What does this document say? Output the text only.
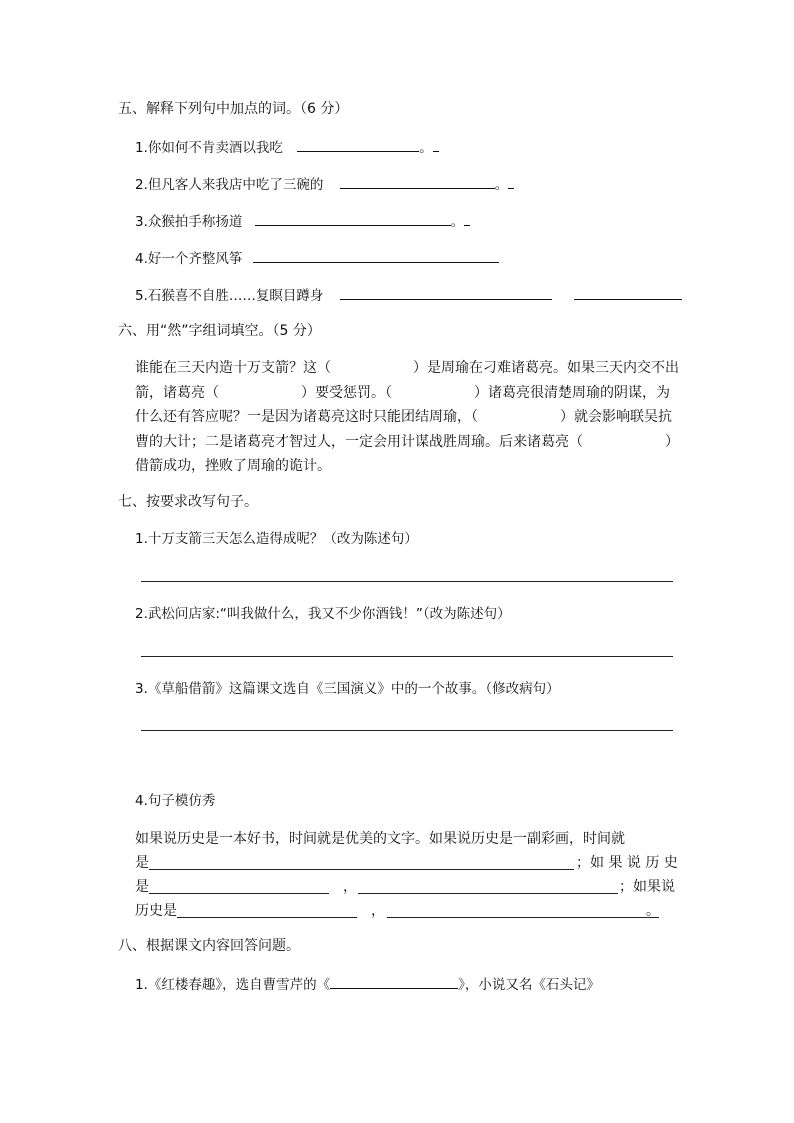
五、解释下列句中加点的词。（6 分）
1.你如何不肯卖酒以我吃	。
2.但凡客人来我店中吃了三碗的	。
3.众猴拍手称扬道	。
4.好一个齐整风筝
5.石猴喜不自胜……复瞑目蹲身
六、用“然”字组词填空。（5 分）

谁能在三天内造十万支箭？这（	）是周瑜在刁难诸葛亮。如果三天内交不出

箭，诸葛亮（	）要受惩罚。（	）诸葛亮很清楚周瑜的阴谋，为

什么还有答应呢？一是因为诸葛亮这时只能团结周瑜，（	）就会影响联吴抗

曹的大计；二是诸葛亮才智过人，一定会用计谋战胜周瑜。后来诸葛亮（	）

借箭成功，挫败了周瑜的诡计。

七、按要求改写句子。
1.十万支箭三天怎么造得成呢？（改为陈述句）
2.武松问店家:“叫我做什么，我又不少你酒钱！”（改为陈述句）
3.《草船借箭》这篇课文选自《三国演义》中的一个故事。（修改病句）
4.句子模仿秀
如果说历史是一本好书，时间就是优美的文字。如果说历史是一副彩画，时间就
是	；如 果 说 历 史
是	，	；如果说
历史是	，	。
八、根据课文内容回答问题。
1.《红楼春趣》，选自曹雪芹的《	》，小说又名《石头记》
